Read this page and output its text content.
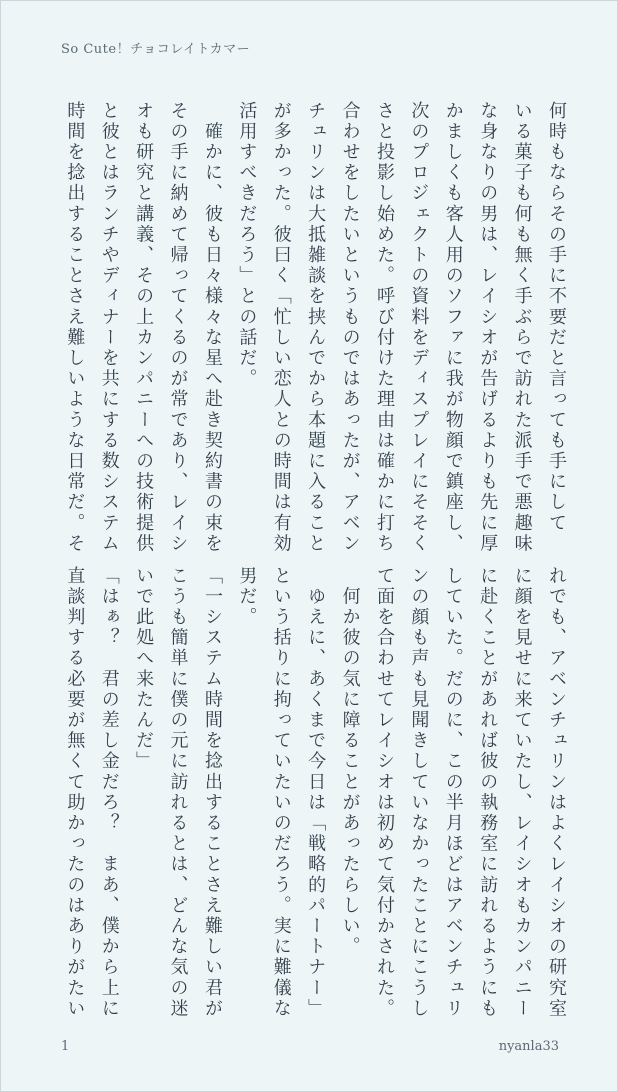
So Cute！チョコレイトカマー
何時もならその手に不要だと言っても手にして
いる菓子も何も無く手ぶらで訪れた派手で悪趣味
な身なりの男は、レイシオが告げるよりも先に厚
かましくも客人用のソファに我が物顔で鎮座し、
次のプロジェクトの資料をディスプレイにそそく
さと投影し始めた。呼び付けた理由は確かに打ち
合わせをしたいというものではあったが、アベン
チュリンは大抵雑談を挟んでから本題に入ること
が多かった。彼曰く「忙しい恋人との時間は有効
活用すべきだろう」との話だ。
　確かに、彼も日々様々な星へ赴き契約書の束を
その手に納めて帰ってくるのが常であり、レイシ
オも研究と講義、その上カンパニーへの技術提供
と彼とはランチやディナーを共にする数システム
時間を捻出することさえ難しいような日常だ。そ
れでも、アベンチュリンはよくレイシオの研究室
に顔を見せに来ていたし、レイシオもカンパニー
に赴くことがあれば彼の執務室に訪れるようにも
していた。だのに、この半月ほどはアベンチュリ
ンの顔も声も見聞きしていなかったことにこうし
て面を合わせてレイシオは初めて気付かされた。
　何か彼の気に障ることがあったらしい。
　ゆえに、あくまで今日は「戦略的パートナー」
という括りに拘っていたいのだろう。実に難儀な
男だ。
「一システム時間を捻出することさえ難しい君が
こうも簡単に僕の元に訪れるとは、どんな気の迷
いで此処へ来たんだ」
「はぁ？　君の差し金だろ？　まあ、僕から上に
直談判する必要が無くて助かったのはありがたい
1	nyanla33
